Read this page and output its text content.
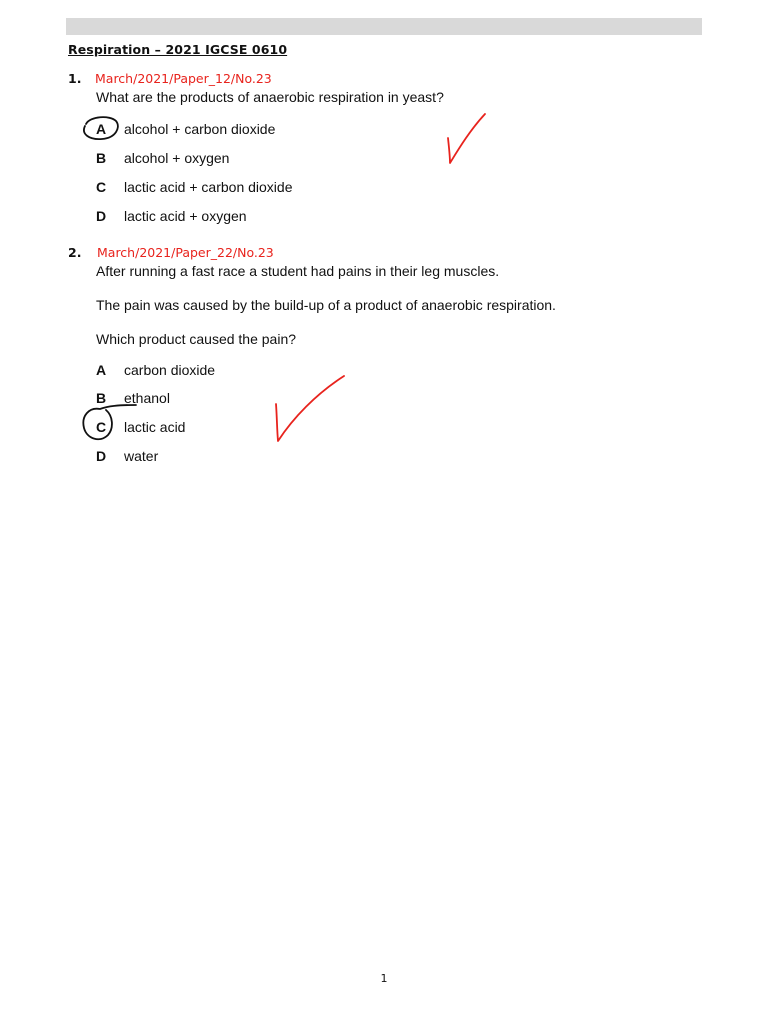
Respiration – 2021 IGCSE 0610
1. March/2021/Paper_12/No.23
What are the products of anaerobic respiration in yeast?
A alcohol + carbon dioxide
B alcohol + oxygen
C lactic acid + carbon dioxide
D lactic acid + oxygen
2. March/2021/Paper_22/No.23
After running a fast race a student had pains in their leg muscles.
The pain was caused by the build-up of a product of anaerobic respiration.
Which product caused the pain?
A carbon dioxide
B ethanol
C lactic acid
D water
1
